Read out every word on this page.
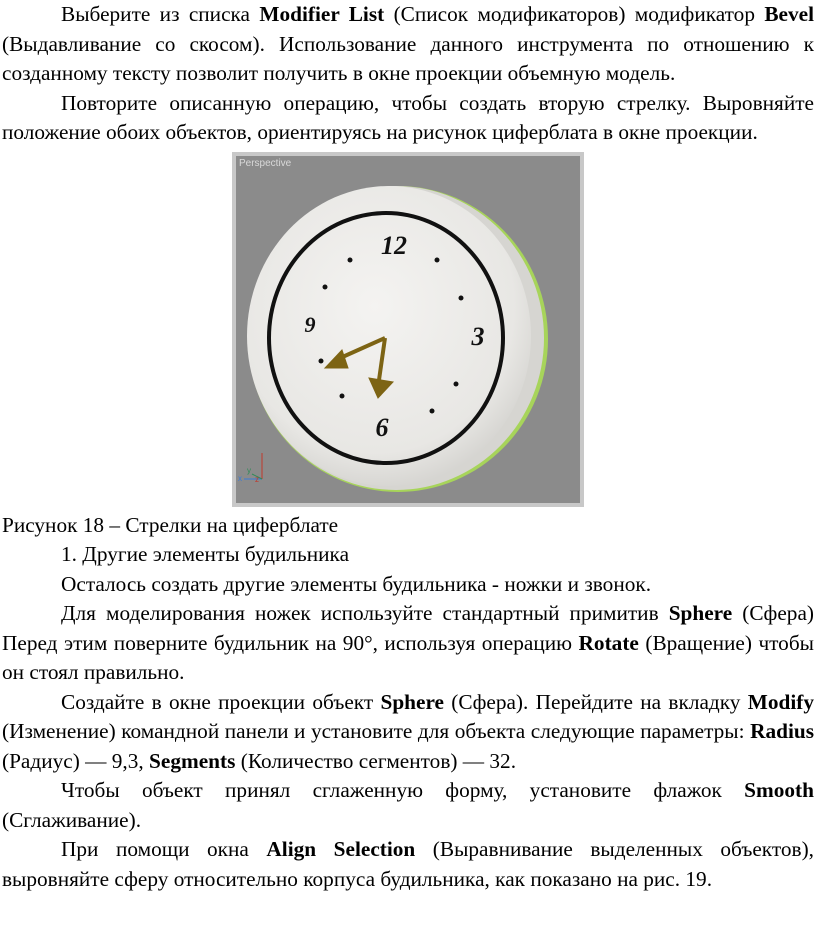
Выберите из списка Modifier List (Список модификаторов) модификатор Bevel (Выдавливание со скосом). Использование данного инструмента по отношению к созданному тексту позволит получить в окне проекции объемную модель.

Повторите описанную операцию, чтобы создать вторую стрелку. Выровняйте положение обоих объектов, ориентируясь на рисунок циферблата в окне проекции.

12
3
6
9
x
y
z
Perspective

Рисунок 18 – Стрелки на циферблате

1. Другие элементы будильника

Осталось создать другие элементы будильника - ножки и звонок.

Для моделирования ножек используйте стандартный примитив Sphere (Сфера) Перед этим поверните будильник на 90°, используя операцию Rotate (Вращение) чтобы он стоял правильно.

Создайте в окне проекции объект Sphere (Сфера). Перейдите на вкладку Modify (Изменение) командной панели и установите для объекта следующие параметры: Radius (Радиус) — 9,3, Segments (Количество сегментов) — 32.

Чтобы объект принял сглаженную форму, установите флажок Smooth (Сглаживание).

При помощи окна Align Selection (Выравнивание выделенных объектов), выровняйте сферу относительно корпуса будильника, как показано на рис. 19.
